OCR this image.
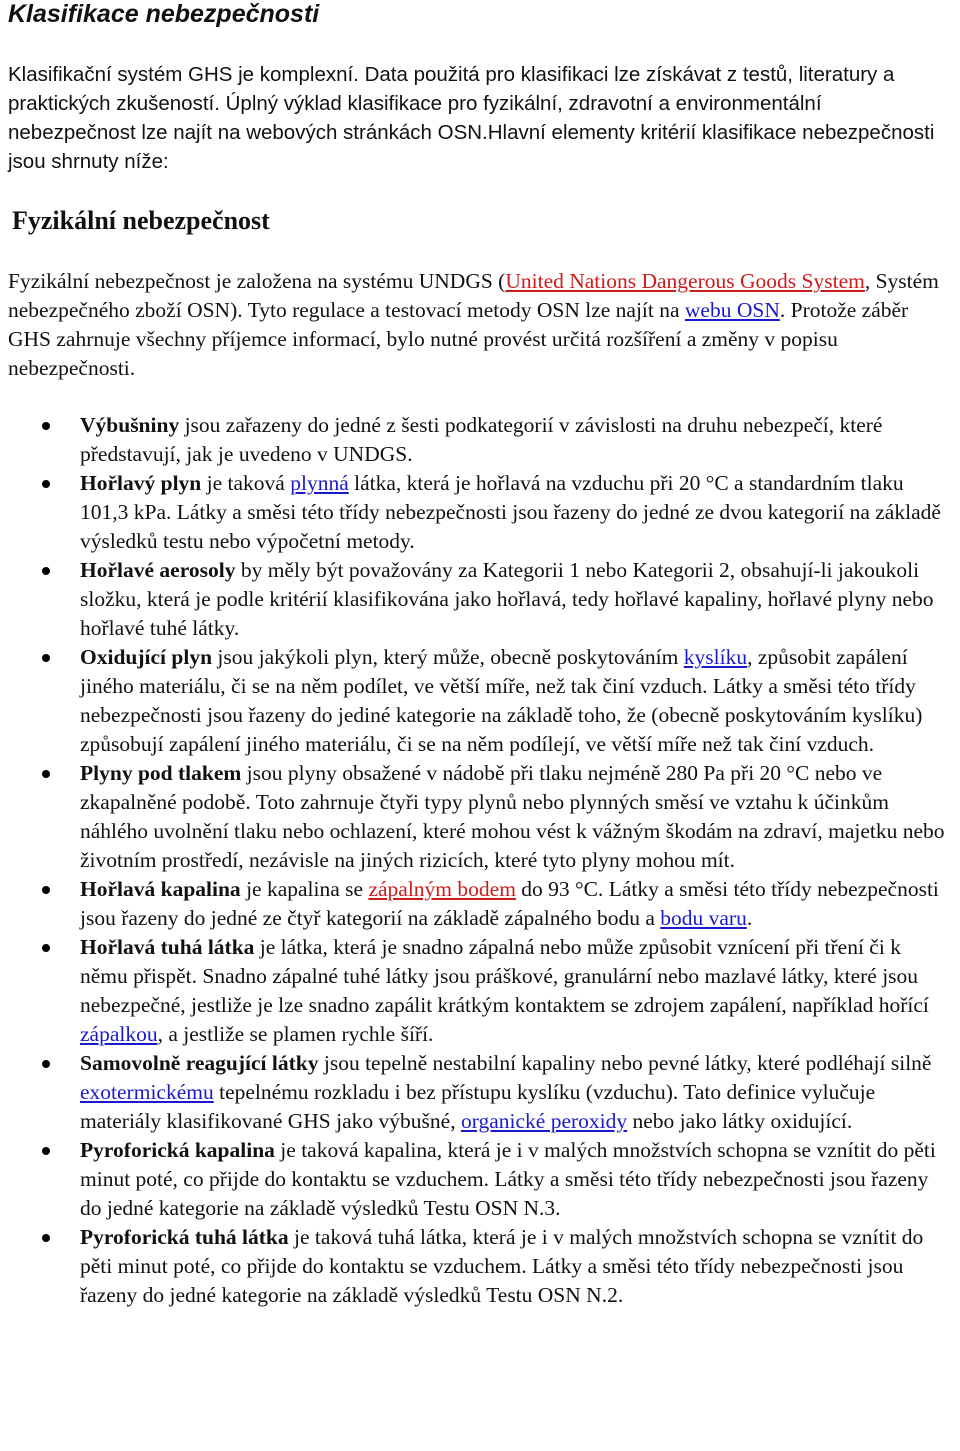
Klasifikace nebezpečnosti

Klasifikační systém GHS je komplexní. Data použitá pro klasifikaci lze získávat z testů, literatury a praktických zkušeností. Úplný výklad klasifikace pro fyzikální, zdravotní a environmentální nebezpečnost lze najít na webových stránkách OSN.Hlavní elementy kritérií klasifikace nebezpečnosti jsou shrnuty níže:

Fyzikální nebezpečnost

Fyzikální nebezpečnost je založena na systému UNDGS (United Nations Dangerous Goods System, Systém nebezpečného zboží OSN). Tyto regulace a testovací metody OSN lze najít na webu OSN. Protože záběr GHS zahrnuje všechny příjemce informací, bylo nutné provést určitá rozšíření a změny v popisu nebezpečnosti.

Výbušniny jsou zařazeny do jedné z šesti podkategorií v závislosti na druhu nebezpečí, které představují, jak je uvedeno v UNDGS.
Hořlavý plyn je taková plynná látka, která je hořlavá na vzduchu při 20 °C a standardním tlaku 101,3 kPa. Látky a směsi této třídy nebezpečnosti jsou řazeny do jedné ze dvou kategorií na základě výsledků testu nebo výpočetní metody.
Hořlavé aerosoly by měly být považovány za Kategorii 1 nebo Kategorii 2, obsahují-li jakoukoli složku, která je podle kritérií klasifikována jako hořlavá, tedy hořlavé kapaliny, hořlavé plyny nebo hořlavé tuhé látky.
Oxidující plyn jsou jakýkoli plyn, který může, obecně poskytováním kyslíku, způsobit zapálení jiného materiálu, či se na něm podílet, ve větší míře, než tak činí vzduch. Látky a směsi této třídy nebezpečnosti jsou řazeny do jediné kategorie na základě toho, že (obecně poskytováním kyslíku) způsobují zapálení jiného materiálu, či se na něm podílejí, ve větší míře než tak činí vzduch.
Plyny pod tlakem jsou plyny obsažené v nádobě při tlaku nejméně 280 Pa při 20 °C nebo ve zkapalněné podobě. Toto zahrnuje čtyři typy plynů nebo plynných směsí ve vztahu k účinkům náhlého uvolnění tlaku nebo ochlazení, které mohou vést k vážným škodám na zdraví, majetku nebo životním prostředí, nezávisle na jiných rizicích, které tyto plyny mohou mít.
Hořlavá kapalina je kapalina se zápalným bodem do 93 °C. Látky a směsi této třídy nebezpečnosti jsou řazeny do jedné ze čtyř kategorií na základě zápalného bodu a bodu varu.
Hořlavá tuhá látka je látka, která je snadno zápalná nebo může způsobit vznícení při tření či k němu přispět. Snadno zápalné tuhé látky jsou práškové, granulární nebo mazlavé látky, které jsou nebezpečné, jestliže je lze snadno zapálit krátkým kontaktem se zdrojem zapálení, například hořící zápalkou, a jestliže se plamen rychle šíří.
Samovolně reagující látky jsou tepelně nestabilní kapaliny nebo pevné látky, které podléhají silně exotermickému tepelnému rozkladu i bez přístupu kyslíku (vzduchu). Tato definice vylučuje materiály klasifikované GHS jako výbušné, organické peroxidy nebo jako látky oxidující.
Pyroforická kapalina je taková kapalina, která je i v malých množstvích schopna se vznítit do pěti minut poté, co přijde do kontaktu se vzduchem. Látky a směsi této třídy nebezpečnosti jsou řazeny do jedné kategorie na základě výsledků Testu OSN N.3.
Pyroforická tuhá látka je taková tuhá látka, která je i v malých množstvích schopna se vznítit do pěti minut poté, co přijde do kontaktu se vzduchem. Látky a směsi této třídy nebezpečnosti jsou řazeny do jedné kategorie na základě výsledků Testu OSN N.2.
